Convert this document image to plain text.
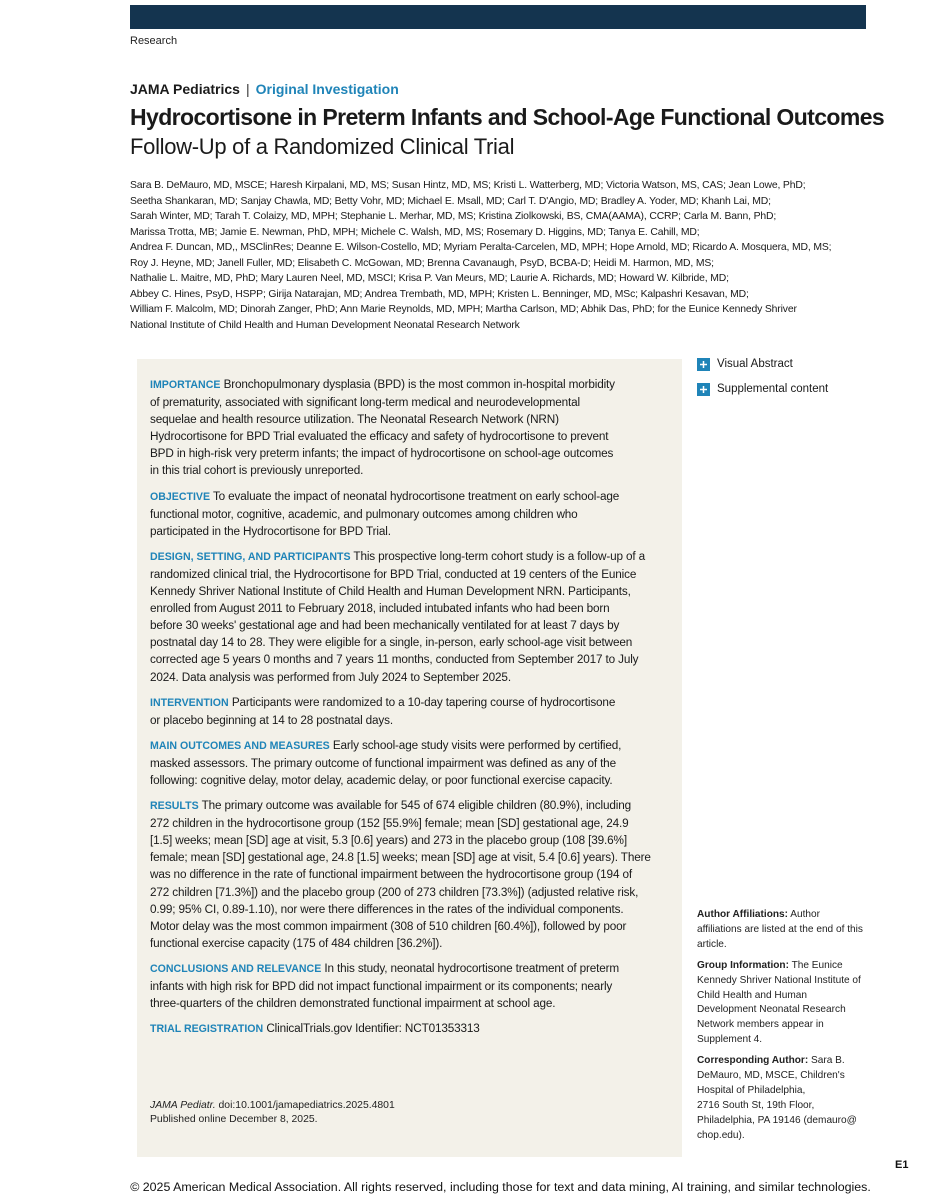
Research
JAMA Pediatrics | Original Investigation
Hydrocortisone in Preterm Infants and School-Age Functional Outcomes
Follow-Up of a Randomized Clinical Trial

Sara B. DeMauro, MD, MSCE; Haresh Kirpalani, MD, MS; Susan Hintz, MD, MS; Kristi L. Watterberg, MD; Victoria Watson, MS, CAS; Jean Lowe, PhD;
Seetha Shankaran, MD; Sanjay Chawla, MD; Betty Vohr, MD; Michael E. Msall, MD; Carl T. D'Angio, MD; Bradley A. Yoder, MD; Khanh Lai, MD;
Sarah Winter, MD; Tarah T. Colaizy, MD, MPH; Stephanie L. Merhar, MD, MS; Kristina Ziolkowski, BS, CMA(AAMA), CCRP; Carla M. Bann, PhD;
Marissa Trotta, MB; Jamie E. Newman, PhD, MPH; Michele C. Walsh, MD, MS; Rosemary D. Higgins, MD; Tanya E. Cahill, MD;
Andrea F. Duncan, MD,, MSClinRes; Deanne E. Wilson-Costello, MD; Myriam Peralta-Carcelen, MD, MPH; Hope Arnold, MD; Ricardo A. Mosquera, MD, MS;
Roy J. Heyne, MD; Janell Fuller, MD; Elisabeth C. McGowan, MD; Brenna Cavanaugh, PsyD, BCBA-D; Heidi M. Harmon, MD, MS;
Nathalie L. Maitre, MD, PhD; Mary Lauren Neel, MD, MSCI; Krisa P. Van Meurs, MD; Laurie A. Richards, MD; Howard W. Kilbride, MD;
Abbey C. Hines, PsyD, HSPP; Girija Natarajan, MD; Andrea Trembath, MD, MPH; Kristen L. Benninger, MD, MSc; Kalpashri Kesavan, MD;
William F. Malcolm, MD; Dinorah Zanger, PhD; Ann Marie Reynolds, MD, MPH; Martha Carlson, MD; Abhik Das, PhD; for the Eunice Kennedy Shriver
National Institute of Child Health and Human Development Neonatal Research Network

IMPORTANCE Bronchopulmonary dysplasia (BPD) is the most common in-hospital morbidity
of prematurity, associated with significant long-term medical and neurodevelopmental
sequelae and health resource utilization. The Neonatal Research Network (NRN)
Hydrocortisone for BPD Trial evaluated the efficacy and safety of hydrocortisone to prevent
BPD in high-risk very preterm infants; the impact of hydrocortisone on school-age outcomes
in this trial cohort is previously unreported.

OBJECTIVE To evaluate the impact of neonatal hydrocortisone treatment on early school-age
functional motor, cognitive, academic, and pulmonary outcomes among children who
participated in the Hydrocortisone for BPD Trial.

DESIGN, SETTING, AND PARTICIPANTS This prospective long-term cohort study is a follow-up of a
randomized clinical trial, the Hydrocortisone for BPD Trial, conducted at 19 centers of the Eunice
Kennedy Shriver National Institute of Child Health and Human Development NRN. Participants,
enrolled from August 2011 to February 2018, included intubated infants who had been born
before 30 weeks' gestational age and had been mechanically ventilated for at least 7 days by
postnatal day 14 to 28. They were eligible for a single, in-person, early school-age visit between
corrected age 5 years 0 months and 7 years 11 months, conducted from September 2017 to July
2024. Data analysis was performed from July 2024 to September 2025.

INTERVENTION Participants were randomized to a 10-day tapering course of hydrocortisone
or placebo beginning at 14 to 28 postnatal days.

MAIN OUTCOMES AND MEASURES Early school-age study visits were performed by certified,
masked assessors. The primary outcome of functional impairment was defined as any of the
following: cognitive delay, motor delay, academic delay, or poor functional exercise capacity.

RESULTS The primary outcome was available for 545 of 674 eligible children (80.9%), including
272 children in the hydrocortisone group (152 [55.9%] female; mean [SD] gestational age, 24.9
[1.5] weeks; mean [SD] age at visit, 5.3 [0.6] years) and 273 in the placebo group (108 [39.6%]
female; mean [SD] gestational age, 24.8 [1.5] weeks; mean [SD] age at visit, 5.4 [0.6] years). There
was no difference in the rate of functional impairment between the hydrocortisone group (194 of
272 children [71.3%]) and the placebo group (200 of 273 children [73.3%]) (adjusted relative risk,
0.99; 95% CI, 0.89-1.10), nor were there differences in the rates of the individual components.
Motor delay was the most common impairment (308 of 510 children [60.4%]), followed by poor
functional exercise capacity (175 of 484 children [36.2%]).

CONCLUSIONS AND RELEVANCE In this study, neonatal hydrocortisone treatment of preterm
infants with high risk for BPD did not impact functional impairment or its components; nearly
three-quarters of the children demonstrated functional impairment at school age.

TRIAL REGISTRATION ClinicalTrials.gov Identifier: NCT01353313

JAMA Pediatr. doi:10.1001/jamapediatrics.2025.4801
Published online December 8, 2025.
Visual Abstract
Supplemental content

Author Affiliations: Author
affiliations are listed at the end of this
article.

Group Information: The Eunice
Kennedy Shriver National Institute of
Child Health and Human
Development Neonatal Research
Network members appear in
Supplement 4.

Corresponding Author: Sara B.
DeMauro, MD, MSCE, Children's
Hospital of Philadelphia,
2716 South St, 19th Floor,
Philadelphia, PA 19146 (demauro@
chop.edu).

E1
© 2025 American Medical Association. All rights reserved, including those for text and data mining, AI training, and similar technologies.
